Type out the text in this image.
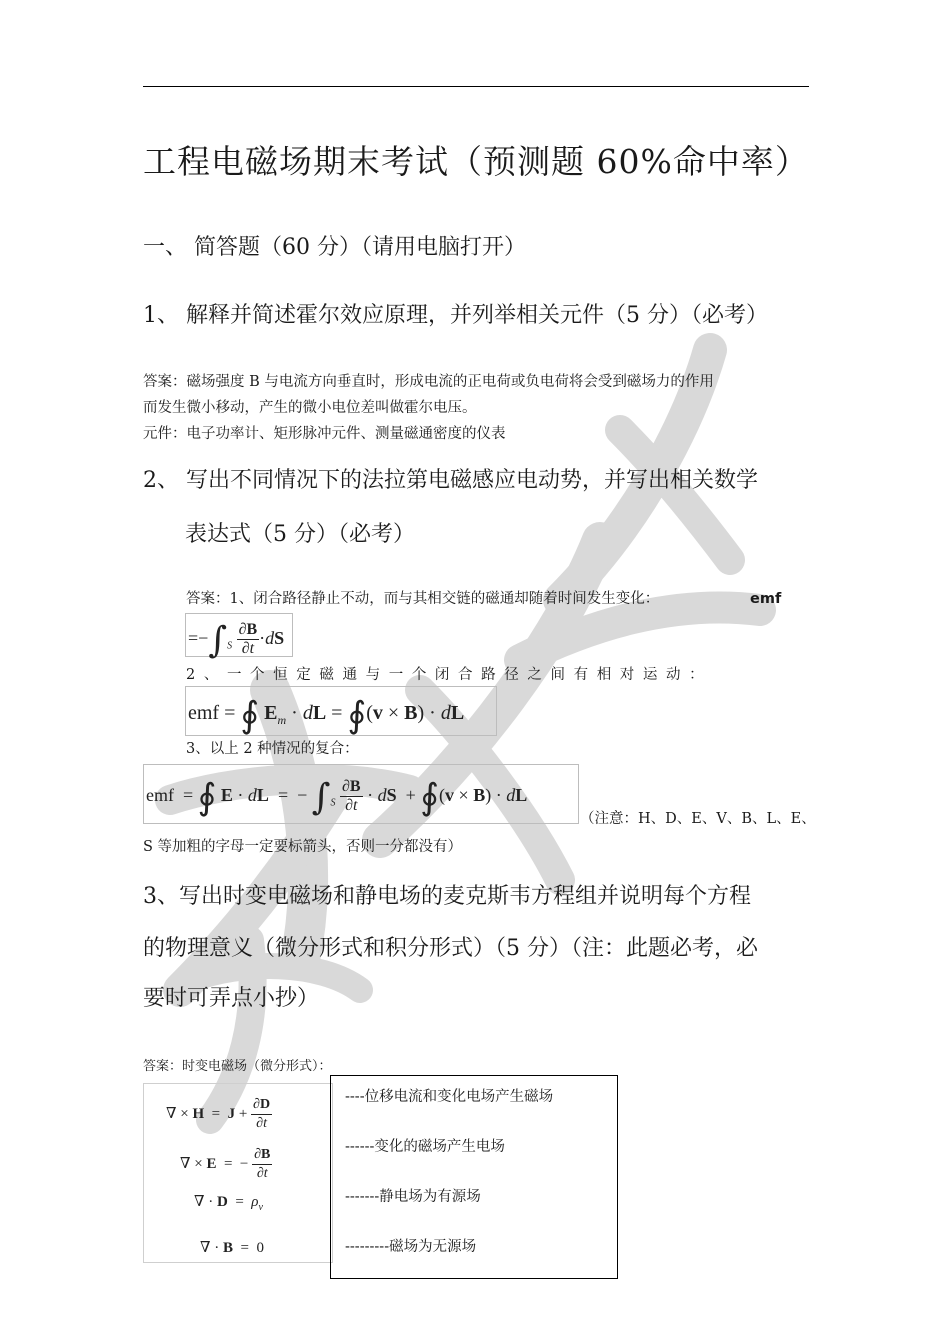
工程电磁场期末考试（预测题 60%命中率）
一、 简答题（60 分）（请用电脑打开）
1、 解释并简述霍尔效应原理，并列举相关元件（5 分）（必考）
答案：磁场强度 B 与电流方向垂直时，形成电流的正电荷或负电荷将会受到磁场力的作用
而发生微小移动，产生的微小电位差叫做霍尔电压。
元件：电子功率计、矩形脉冲元件、测量磁通密度的仪表
2、 写出不同情况下的法拉第电磁感应电动势，并写出相关数学
表达式（5 分）（必考）
答案：1、闭合路径静止不动，而与其相交链的磁通却随着时间发生变化：	emf
$=-\int_S \frac{\partial B}{\partial t} \cdot dS$
2 、 一 个 恒 定 磁 通 与 一 个 闭 合 路 径 之 间 有 相 对 运 动 ：
emf = ∮ $E_m$ · dL = ∮(v × B) · dL
3、以上 2 种情况的复合：
emf  = ∮ E · dL  =  − $\int_S \frac{\partial B}{\partial t}$ · dS  + ∮(v × B) · dL
（注意：H、D、E、V、B、L、E、
S 等加粗的字母一定要标箭头，否则一分都没有）
3、写出时变电磁场和静电场的麦克斯韦方程组并说明每个方程
的物理意义（微分形式和积分形式）（5 分）（注：此题必考，必
要时可弄点小抄）
答案：时变电磁场（微分形式）：
∇ × $H = J + \frac{\partial D}{\partial t}$
∇ × E  =  − $\frac{\partial B}{\partial t}$
∇ · $D = \rho_v$
∇ · B  =  0
----位移电流和变化电场产生磁场
------变化的磁场产生电场
-------静电场为有源场
---------磁场为无源场
